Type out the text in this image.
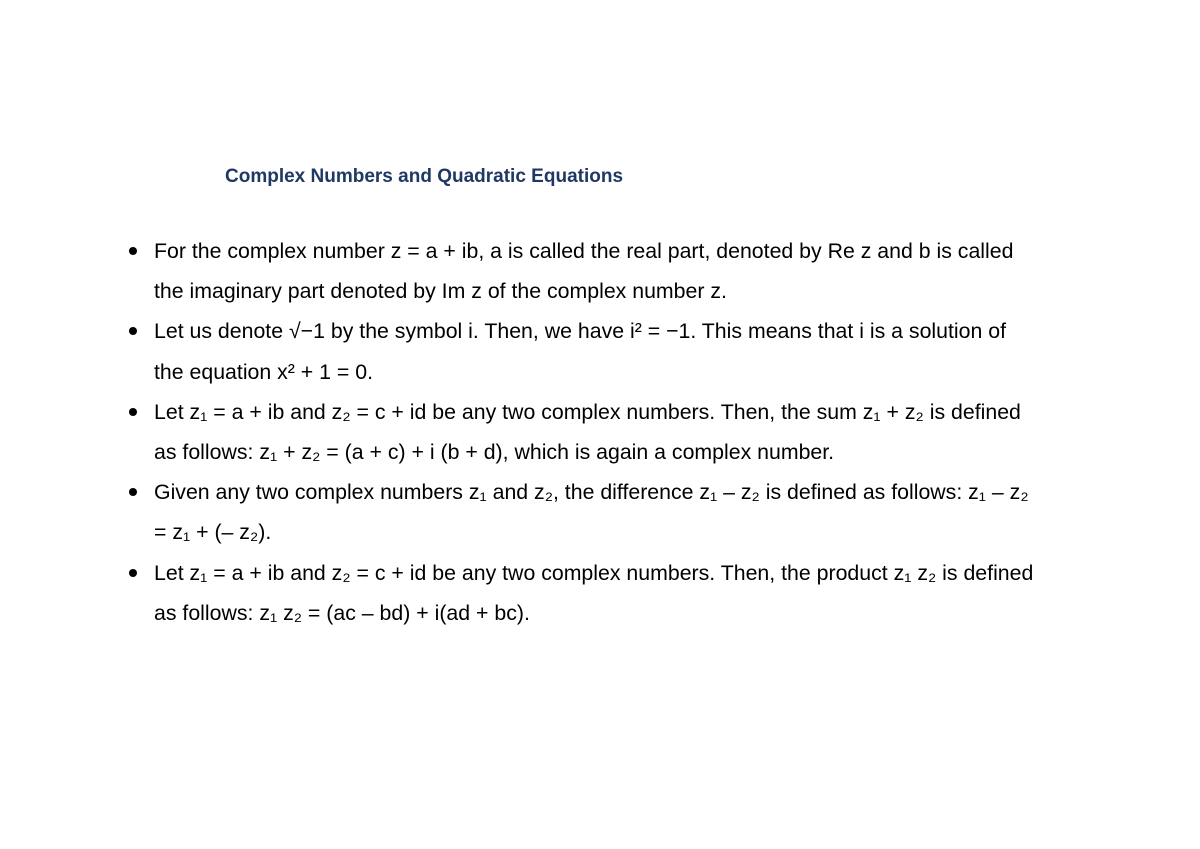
Complex Numbers and Quadratic Equations
For the complex number z = a + ib, a is called the real part, denoted by Re z and b is called
the imaginary part denoted by Im z of the complex number z.
Let us denote √−1 by the symbol i. Then, we have i² = −1. This means that i is a solution of
the equation x² + 1 = 0.
Let z₁ = a + ib and z₂ = c + id be any two complex numbers. Then, the sum z₁ + z₂ is defined
as follows: z₁ + z₂ = (a + c) + i (b + d), which is again a complex number.
Given any two complex numbers z₁ and z₂, the difference z₁ – z₂ is defined as follows: z₁ – z₂
= z₁ + (– z₂).
Let z₁ = a + ib and z₂ = c + id be any two complex numbers. Then, the product z₁ z₂ is defined
as follows: z₁ z₂ = (ac – bd) + i(ad + bc).
